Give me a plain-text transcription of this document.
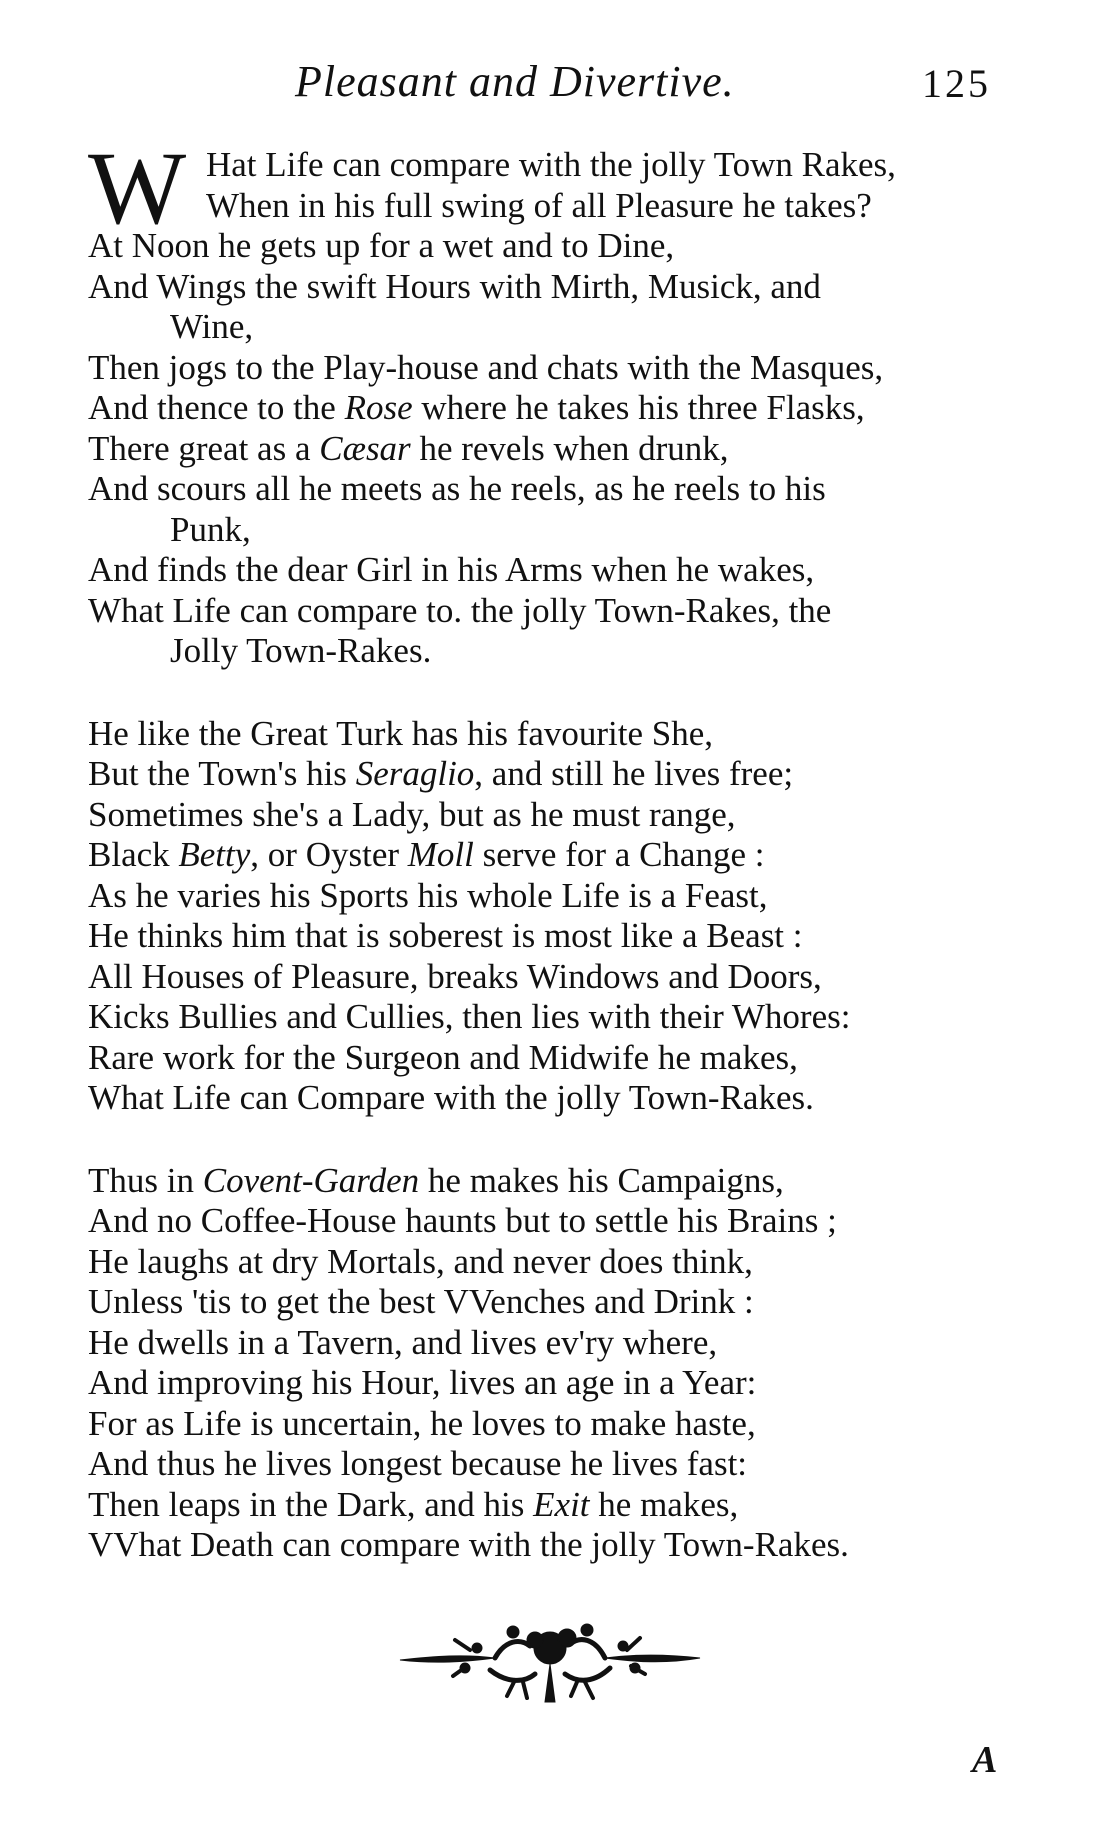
Pleasant and Divertive.	125
W Hat Life can compare with the jolly Town Rakes,
When in his full swing of all Pleasure he takes?
At Noon he gets up for a wet and to Dine,
And Wings the swift Hours with Mirth, Musick, and
Wine,
Then jogs to the Play-house and chats with the Masques,
And thence to the Rose where he takes his three Flasks,
There great as a Cæsar he revels when drunk,
And scours all he meets as he reels, as he reels to his
Punk,
And finds the dear Girl in his Arms when he wakes,
What Life can compare to. the jolly Town-Rakes, the
Jolly Town-Rakes.
He like the Great Turk has his favourite She,
But the Town's his Seraglio, and still he lives free;
Sometimes she's a Lady, but as he must range,
Black Betty, or Oyster Moll serve for a Change :
As he varies his Sports his whole Life is a Feast,
He thinks him that is soberest is most like a Beast :
All Houses of Pleasure, breaks Windows and Doors,
Kicks Bullies and Cullies, then lies with their Whores:
Rare work for the Surgeon and Midwife he makes,
What Life can Compare with the jolly Town-Rakes.
Thus in Covent-Garden he makes his Campaigns,
And no Coffee-House haunts but to settle his Brains ;
He laughs at dry Mortals, and never does think,
Unless 'tis to get the best VVenches and Drink :
He dwells in a Tavern, and lives ev'ry where,
And improving his Hour, lives an age in a Year:
For as Life is uncertain, he loves to make haste,
And thus he lives longest because he lives fast:
Then leaps in the Dark, and his Exit he makes,
VVhat Death can compare with the jolly Town-Rakes.
A
